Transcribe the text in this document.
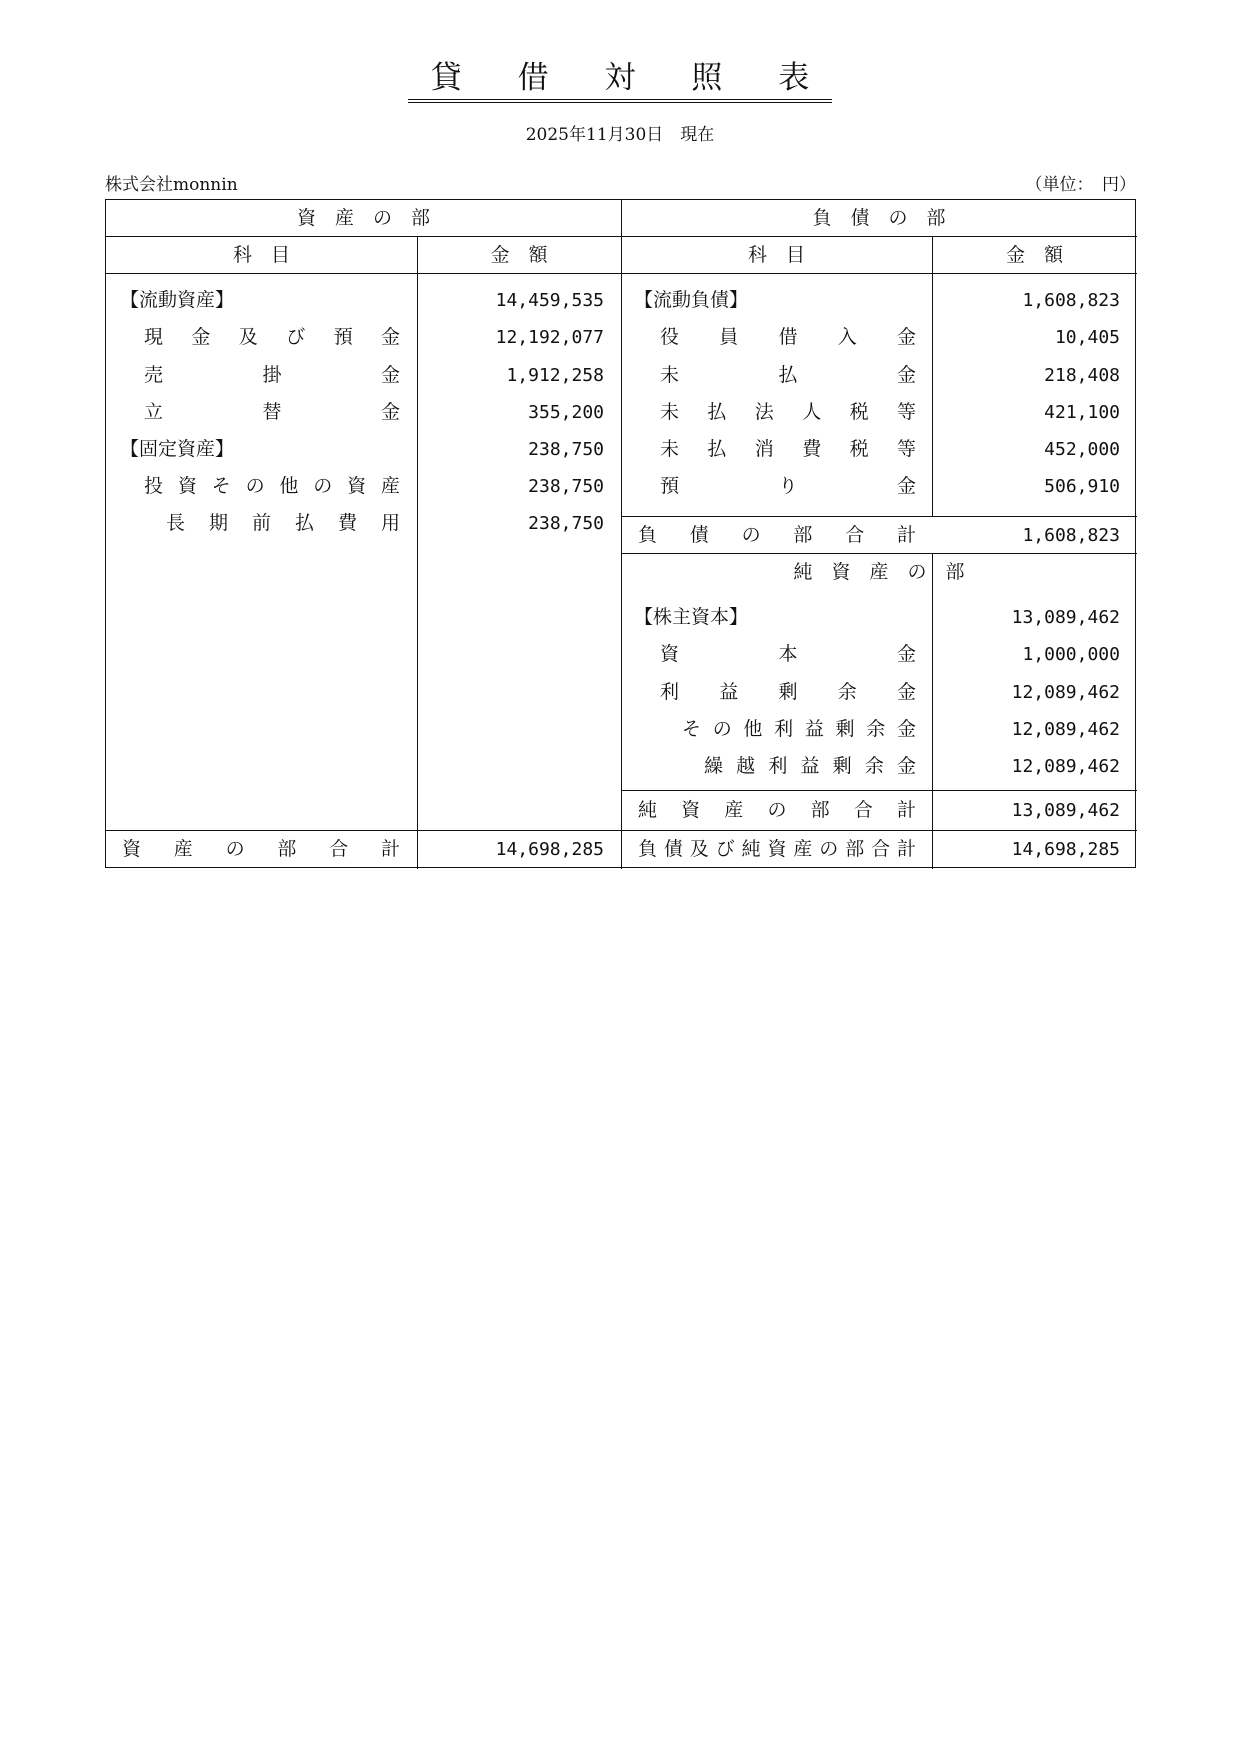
貸 借 対 照 表
2025年11月30日　現在
株式会社monnin	（単位：　円）
資　産　の　部	負　債　の　部
科　目	金　額	科　目	金　額
【流動資産】	14,459,535
現金及び預金	12,192,077
売掛金	1,912,258
立替金	355,200
【固定資産】	238,750
投資その他の資産	238,750
長期前払費用	238,750
【流動負債】	1,608,823
役員借入金	10,405
未払金	218,408
未払法人税等	421,100
未払消費税等	452,000
預り金	506,910
負債の部合計	1,608,823
純　資　産　の　部
【株主資本】	13,089,462
資本金	1,000,000
利益剰余金	12,089,462
その他利益剰余金	12,089,462
繰越利益剰余金	12,089,462
純資産の部合計	13,089,462
資産の部合計	14,698,285 負債及び純資産の部合計	14,698,285
